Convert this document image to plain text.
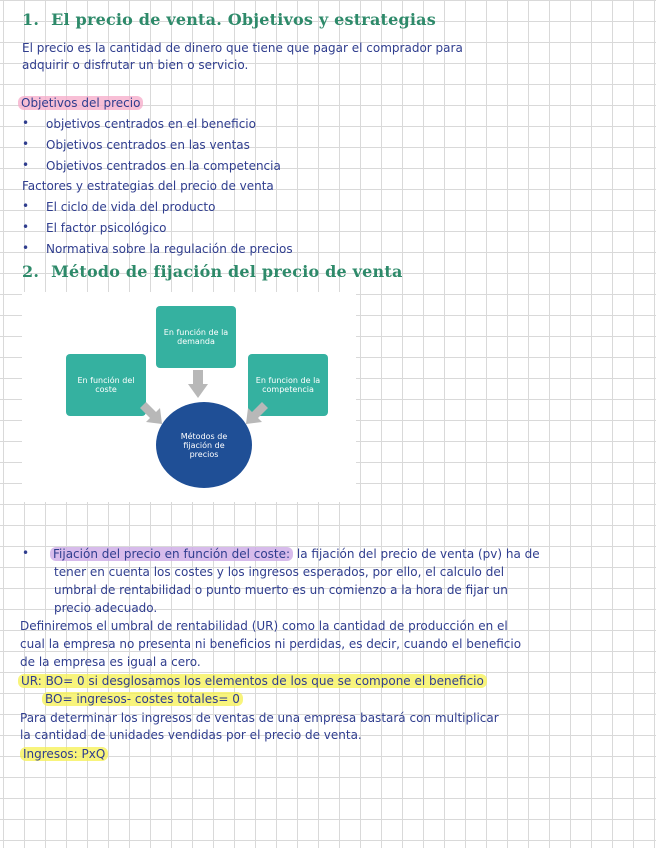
1. El precio de venta. Objetivos y estrategias
El precio es la cantidad de dinero que tiene que pagar el comprador para
adquirir o disfrutar un bien o servicio.
Objetivos del precio
• objetivos centrados en el beneficio
• Objetivos centrados en las ventas
• Objetivos centrados en la competencia
Factores y estrategias del precio de venta
• El ciclo de vida del producto
• El factor psicológico
• Normativa sobre la regulación de precios
2. Método de fijación del precio de venta
En función de la demanda
En función del coste
En funcion de la competencia
Métodos de fijación de precios
• Fijación del precio en función del coste: la fijación del precio de venta (pv) ha de
tener en cuenta los costes y los ingresos esperados, por ello, el calculo del
umbral de rentabilidad o punto muerto es un comienzo a la hora de fijar un
precio adecuado.
Definiremos el umbral de rentabilidad (UR) como la cantidad de producción en el
cual la empresa no presenta ni beneficios ni perdidas, es decir, cuando el beneficio
de la empresa es igual a cero.
UR: BO= 0 si desglosamos los elementos de los que se compone el beneficio
BO= ingresos- costes totales= 0
Para determinar los ingresos de ventas de una empresa bastará con multiplicar
la cantidad de unidades vendidas por el precio de venta.
Ingresos: PxQ
